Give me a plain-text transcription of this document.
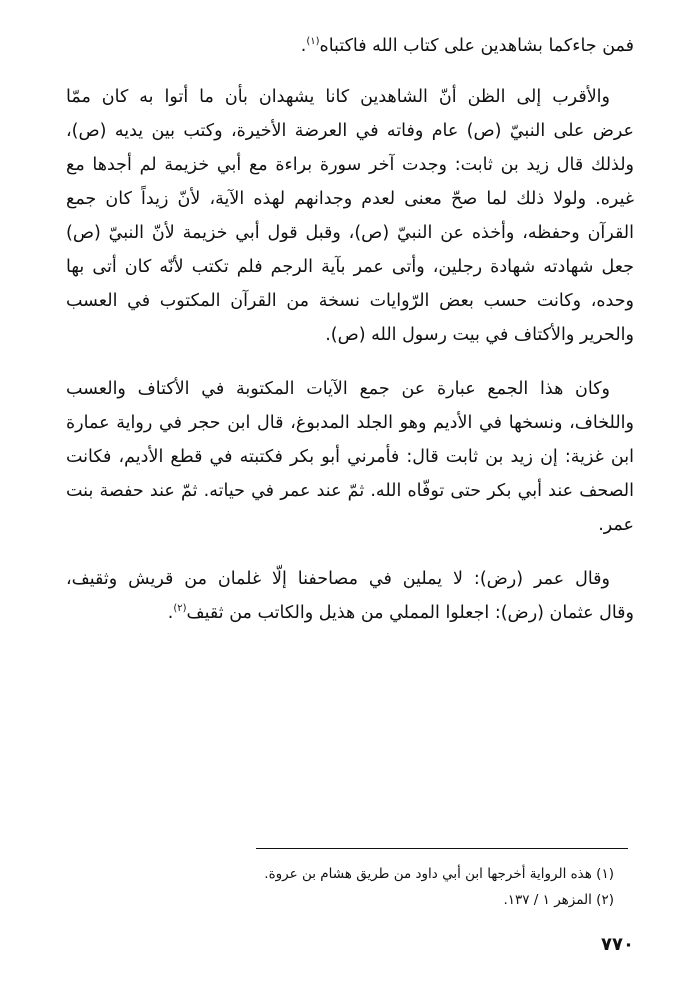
فمن جاءكما بشاهدين على كتاب الله فاكتباه$^{(١)}$.
والأقرب إلى الظن أنّ الشاهدين كانا يشهدان بأن ما أتوا به كان ممّا
عرض على النبيّ (ص) عام وفاته في العرضة الأخيرة، وكتب بين يديه (ص)،
ولذلك قال زيد بن ثابت: وجدت آخر سورة براءة مع أبي خزيمة لم أجدها مع
غيره. ولولا ذلك لما صحّ معنى لعدم وجدانهم لهذه الآية، لأنّ زيداً كان جمع
القرآن وحفظه، وأخذه عن النبيّ (ص)، وقبل قول أبي خزيمة لأنّ النبيّ (ص)
جعل شهادته شهادة رجلين، وأتى عمر بآية الرجم فلم تكتب لأنّه كان أتى بها
وحده، وكانت حسب بعض الرّوايات نسخة من القرآن المكتوب في العسب
والحرير والأكتاف في بيت رسول الله (ص).
وكان هذا الجمع عبارة عن جمع الآيات المكتوبة في الأكتاف والعسب
واللخاف، ونسخها في الأديم وهو الجلد المدبوغ، قال ابن حجر في رواية عمارة
ابن غزية: إن زيد بن ثابت قال: فأمرني أبو بكر فكتبته في قطع الأديم، فكانت
الصحف عند أبي بكر حتى توفّاه الله. ثمّ عند عمر في حياته. ثمّ عند حفصة بنت
عمر.
وقال عمر (رض): لا يملين في مصاحفنا إلّا غلمان من قريش وثقيف،
وقال عثمان (رض): اجعلوا المملي من هذيل والكاتب من ثقيف$^{(٢)}$.
(١) هذه الرواية أخرجها ابن أبي داود من طريق هشام بن عروة.
(٢) المزهر ١ / ١٣٧.
٧٧٠
